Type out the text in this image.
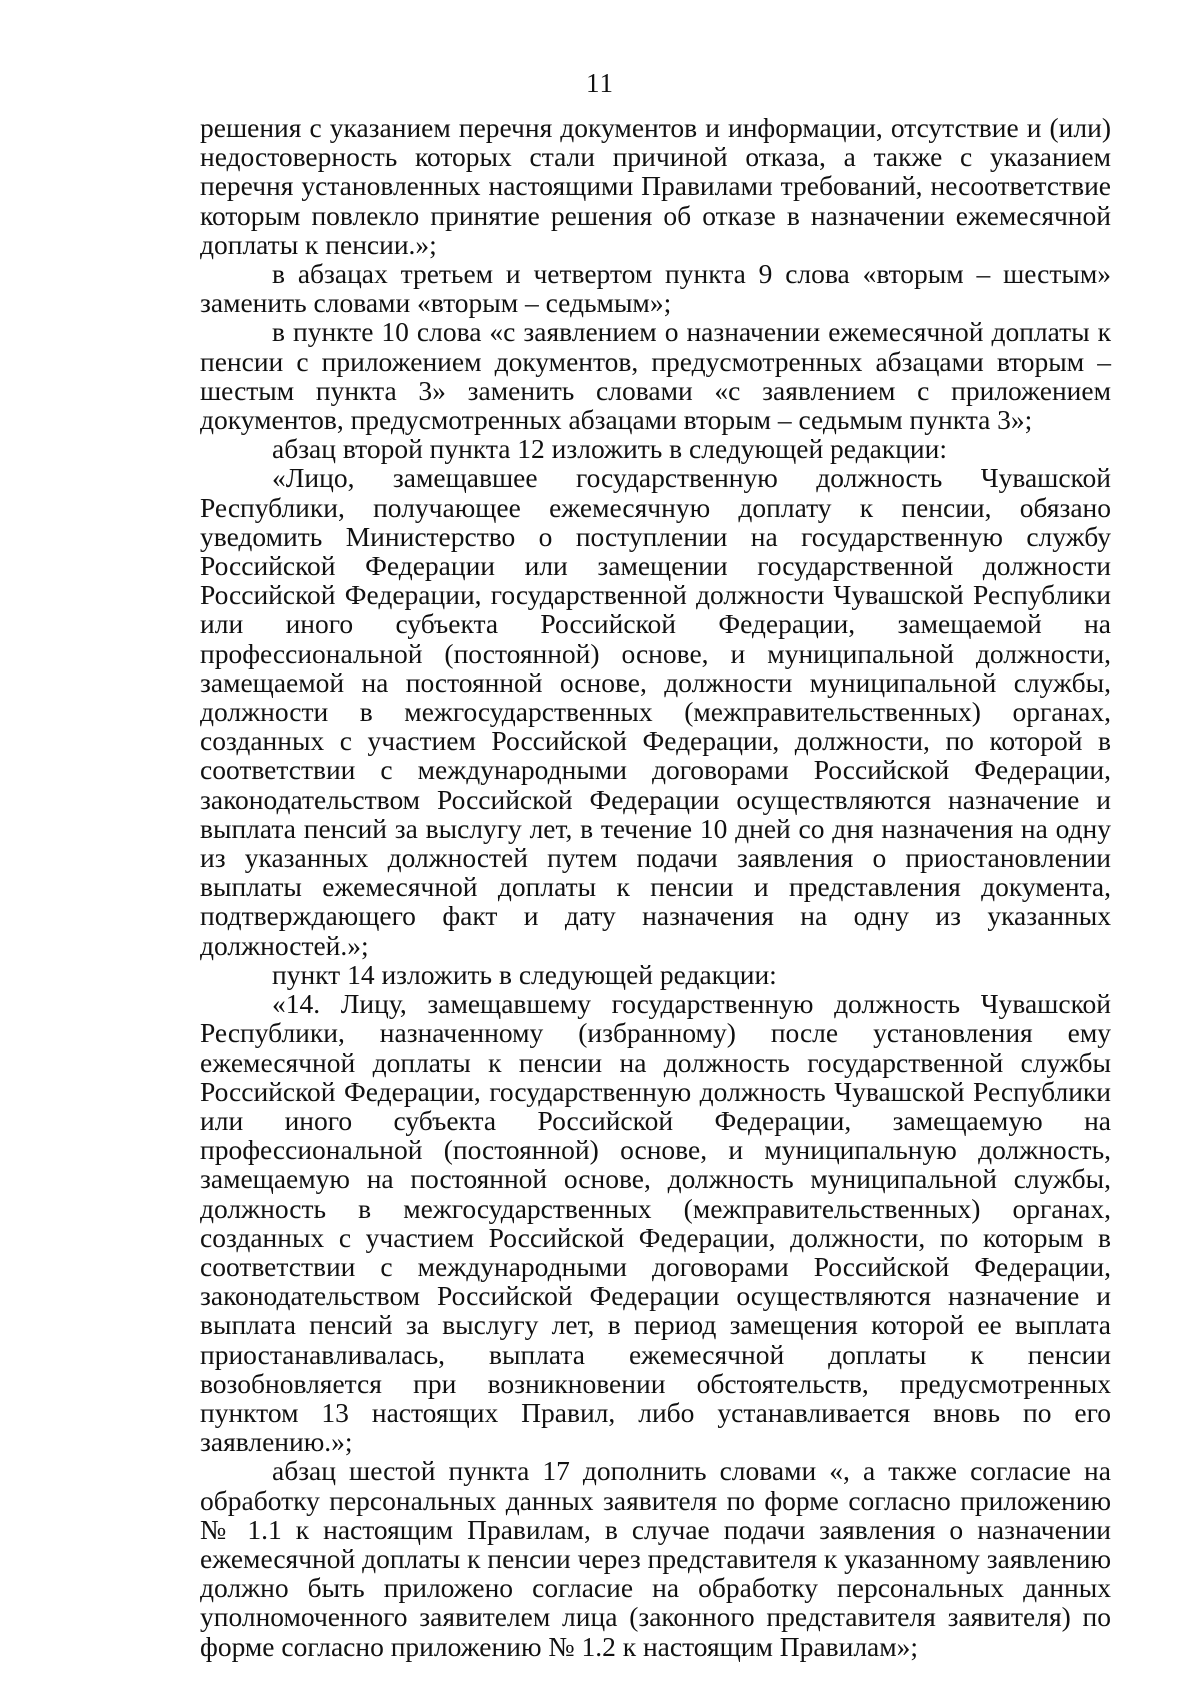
11

решения с указанием перечня документов и информации, отсутствие и (или) недостоверность которых стали причиной отказа, а также с указанием перечня установленных настоящими Правилами требований, несоответствие которым повлекло принятие решения об отказе в назначении ежемесячной доплаты к пенсии.»;

в абзацах третьем и четвертом пункта 9 слова «вторым – шестым» заменить словами «вторым – седьмым»;

в пункте 10 слова «с заявлением о назначении ежемесячной доплаты к пенсии с приложением документов, предусмотренных абзацами вторым – шестым пункта 3» заменить словами «с заявлением с приложением документов, предусмотренных абзацами вторым – седьмым пункта 3»;

абзац второй пункта 12 изложить в следующей редакции:

«Лицо, замещавшее государственную должность Чувашской Республики, получающее ежемесячную доплату к пенсии, обязано уведомить Министерство о поступлении на государственную службу Российской Федерации или замещении государственной должности Российской Федерации, государственной должности Чувашской Республики или иного субъекта Российской Федерации, замещаемой на профессиональной (постоянной) основе, и муниципальной должности, замещаемой на постоянной основе, должности муниципальной службы, должности в межгосударственных (межправительственных) органах, созданных с участием Российской Федерации, должности, по которой в соответствии с международными договорами Российской Федерации, законодательством Российской Федерации осуществляются назначение и выплата пенсий за выслугу лет, в течение 10 дней со дня назначения на одну из указанных должностей путем подачи заявления о приостановлении выплаты ежемесячной доплаты к пенсии и представления документа, подтверждающего факт и дату назначения на одну из указанных должностей.»;

пункт 14 изложить в следующей редакции:

«14. Лицу, замещавшему государственную должность Чувашской Республики, назначенному (избранному) после установления ему ежемесячной доплаты к пенсии на должность государственной службы Российской Федерации, государственную должность Чувашской Республики или иного субъекта Российской Федерации, замещаемую на профессиональной (постоянной) основе, и муниципальную должность, замещаемую на постоянной основе, должность муниципальной службы, должность в межгосударственных (межправительственных) органах, созданных с участием Российской Федерации, должности, по которым в соответствии с международными договорами Российской Федерации, законодательством Российской Федерации осуществляются назначение и выплата пенсий за выслугу лет, в период замещения которой ее выплата приостанавливалась, выплата ежемесячной доплаты к пенсии возобновляется при возникновении обстоятельств, предусмотренных пунктом 13 настоящих Правил, либо устанавливается вновь по его заявлению.»;

абзац шестой пункта 17 дополнить словами «, а также согласие на обработку персональных данных заявителя по форме согласно приложению № 1.1 к настоящим Правилам, в случае подачи заявления о назначении ежемесячной доплаты к пенсии через представителя к указанному заявлению должно быть приложено согласие на обработку персональных данных уполномоченного заявителем лица (законного представителя заявителя) по форме согласно приложению № 1.2 к настоящим Правилам»;
